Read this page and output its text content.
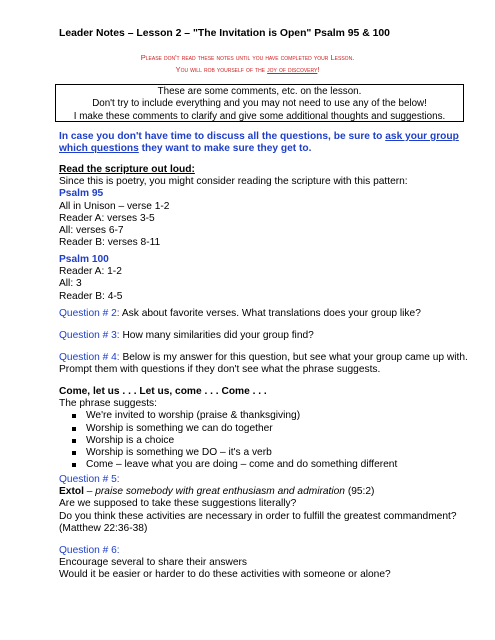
Leader Notes – Lesson 2 – "The Invitation is Open" Psalm 95 & 100
Please don't read these notes until you have completed your Lesson.
You will rob yourself of the joy of discovery!
These are some comments, etc. on the lesson.
Don't try to include everything and you may not need to use any of the below!
I make these comments to clarify and give some additional thoughts and suggestions.
In case you don't have time to discuss all the questions, be sure to ask your group
which questions they want to make sure they get to.
Read the scripture out loud:
Since this is poetry, you might consider reading the scripture with this pattern:
Psalm 95
All in Unison – verse 1-2
Reader A: verses 3-5
All: verses 6-7
Reader B: verses 8-11
Psalm 100
Reader A: 1-2
All: 3
Reader B: 4-5
Question # 2: Ask about favorite verses. What translations does your group like?
Question # 3: How many similarities did your group find?
Question # 4: Below is my answer for this question, but see what your group came up with.
Prompt them with questions if they don't see what the phrase suggests.
Come, let us . . . Let us, come . . . Come . . .
The phrase suggests:
We're invited to worship (praise & thanksgiving)
Worship is something we can do together
Worship is a choice
Worship is something we DO – it's a verb
Come – leave what you are doing – come and do something different
Question # 5:
Extol – praise somebody with great enthusiasm and admiration (95:2)
Are we supposed to take these suggestions literally?
Do you think these activities are necessary in order to fulfill the greatest commandment?
(Matthew 22:36-38)
Question # 6:
Encourage several to share their answers
Would it be easier or harder to do these activities with someone or alone?
